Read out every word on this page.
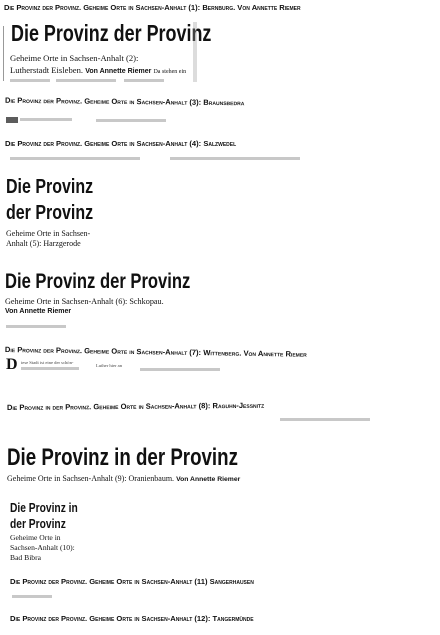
Die Provinz der Provinz. Geheime Orte in Sachsen-Anhalt (1): Bernburg. Von Annette Riemer
Die Provinz der Provinz
Geheime Orte in Sachsen-Anhalt (2):
Lutherstadt Eisleben. Von Annette Riemer Da stehen ein
Die Provinz der Provinz. Geheime Orte in Sachsen-Anhalt (3): Braunsbedra
Die Provinz der Provinz. Geheime Orte in Sachsen-Anhalt (4): Salzwedel
Die Provinz
der Provinz
Geheime Orte in Sachsen-
Anhalt (5): Harzgerode
Die Provinz der Provinz
Geheime Orte in Sachsen-Anhalt (6): Schkopau.
Von Annette Riemer
Die Provinz der Provinz. Geheime Orte in Sachsen-Anhalt (7): Wittenberg. Von Annette Riemer
D iese Stadt ist eine der schön-
Luther hier an
Die Provinz in der Provinz. Geheime Orte in Sachsen-Anhalt (8): Raguhn-Jessnitz
Die Provinz in der Provinz
Geheime Orte in Sachsen-Anhalt (9): Oranienbaum. Von Annette Riemer
Die Provinz in
der Provinz
Geheime Orte in
Sachsen-Anhalt (10):
Bad Bibra
Die Provinz der Provinz. Geheime Orte in Sachsen-Anhalt (11) Sangerhausen
Die Provinz der Provinz. Geheime Orte in Sachsen-Anhalt (12): Tangermünde
